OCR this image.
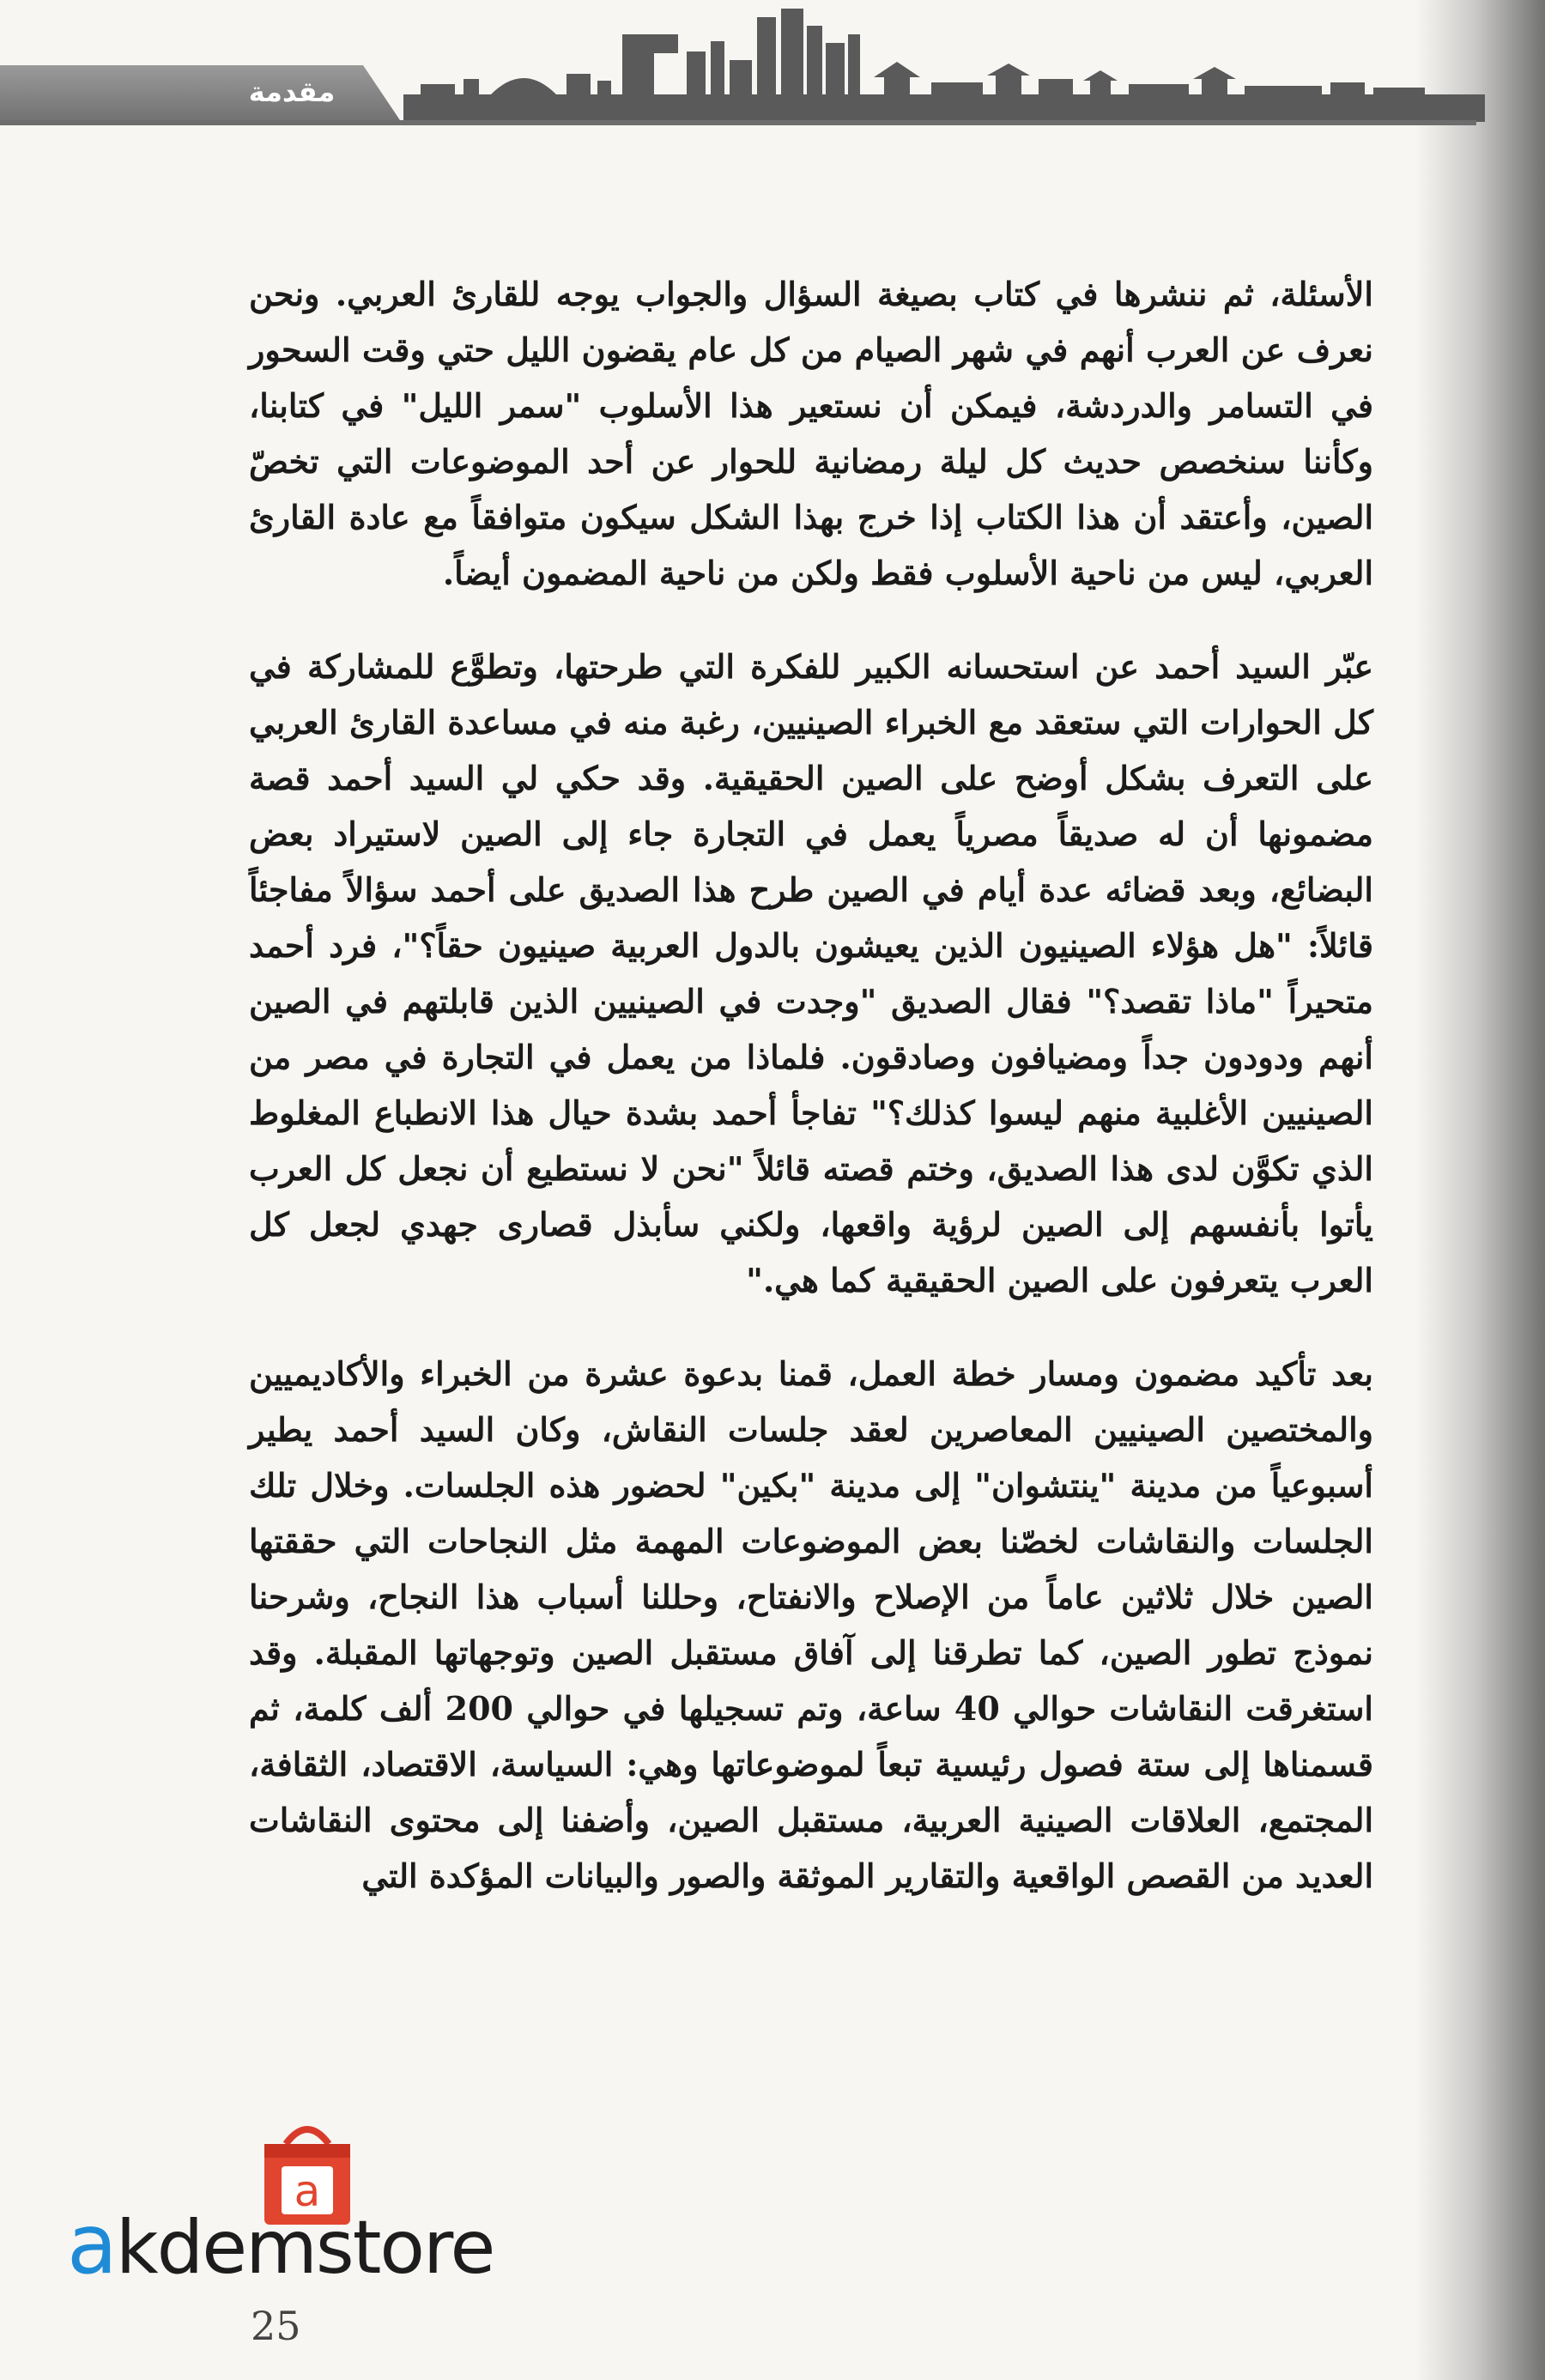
مقدمة

الأسئلة، ثم ننشرها في كتاب بصيغة السؤال والجواب يوجه للقارئ العربي. ونحن نعرف عن العرب أنهم في شهر الصيام من كل عام يقضون الليل حتي وقت السحور في التسامر والدردشة، فيمكن أن نستعير هذا الأسلوب "سمر الليل" في كتابنا، وكأننا سنخصص حديث كل ليلة رمضانية للحوار عن أحد الموضوعات التي تخصّ الصين، وأعتقد أن هذا الكتاب إذا خرج بهذا الشكل سيكون متوافقاً مع عادة القارئ العربي، ليس من ناحية الأسلوب فقط ولكن من ناحية المضمون أيضاً.

عبّر السيد أحمد عن استحسانه الكبير للفكرة التي طرحتها، وتطوَّع للمشاركة في كل الحوارات التي ستعقد مع الخبراء الصينيين، رغبة منه في مساعدة القارئ العربي على التعرف بشكل أوضح على الصين الحقيقية. وقد حكي لي السيد أحمد قصة مضمونها أن له صديقاً مصرياً يعمل في التجارة جاء إلى الصين لاستيراد بعض البضائع، وبعد قضائه عدة أيام في الصين طرح هذا الصديق على أحمد سؤالاً مفاجئاً قائلاً: "هل هؤلاء الصينيون الذين يعيشون بالدول العربية صينيون حقاً؟"، فرد أحمد متحيراً "ماذا تقصد؟" فقال الصديق "وجدت في الصينيين الذين قابلتهم في الصين أنهم ودودون جداً ومضيافون وصادقون. فلماذا من يعمل في التجارة في مصر من الصينيين الأغلبية منهم ليسوا كذلك؟" تفاجأ أحمد بشدة حيال هذا الانطباع المغلوط الذي تكوَّن لدى هذا الصديق، وختم قصته قائلاً "نحن لا نستطيع أن نجعل كل العرب يأتوا بأنفسهم إلى الصين لرؤية واقعها، ولكني سأبذل قصارى جهدي لجعل كل العرب يتعرفون على الصين الحقيقية كما هي."

بعد تأكيد مضمون ومسار خطة العمل، قمنا بدعوة عشرة من الخبراء والأكاديميين والمختصين الصينيين المعاصرين لعقد جلسات النقاش، وكان السيد أحمد يطير أسبوعياً من مدينة "ينتشوان" إلى مدينة "بكين" لحضور هذه الجلسات. وخلال تلك الجلسات والنقاشات لخصّنا بعض الموضوعات المهمة مثل النجاحات التي حققتها الصين خلال ثلاثين عاماً من الإصلاح والانفتاح، وحللنا أسباب هذا النجاح، وشرحنا نموذج تطور الصين، كما تطرقنا إلى آفاق مستقبل الصين وتوجهاتها المقبلة. وقد استغرقت النقاشات حوالي 40 ساعة، وتم تسجيلها في حوالي 200 ألف كلمة، ثم قسمناها إلى ستة فصول رئيسية تبعاً لموضوعاتها وهي: السياسة، الاقتصاد، الثقافة، المجتمع، العلاقات الصينية العربية، مستقبل الصين، وأضفنا إلى محتوى النقاشات العديد من القصص الواقعية والتقارير الموثقة والصور والبيانات المؤكدة التي

a
akdemstore
25
